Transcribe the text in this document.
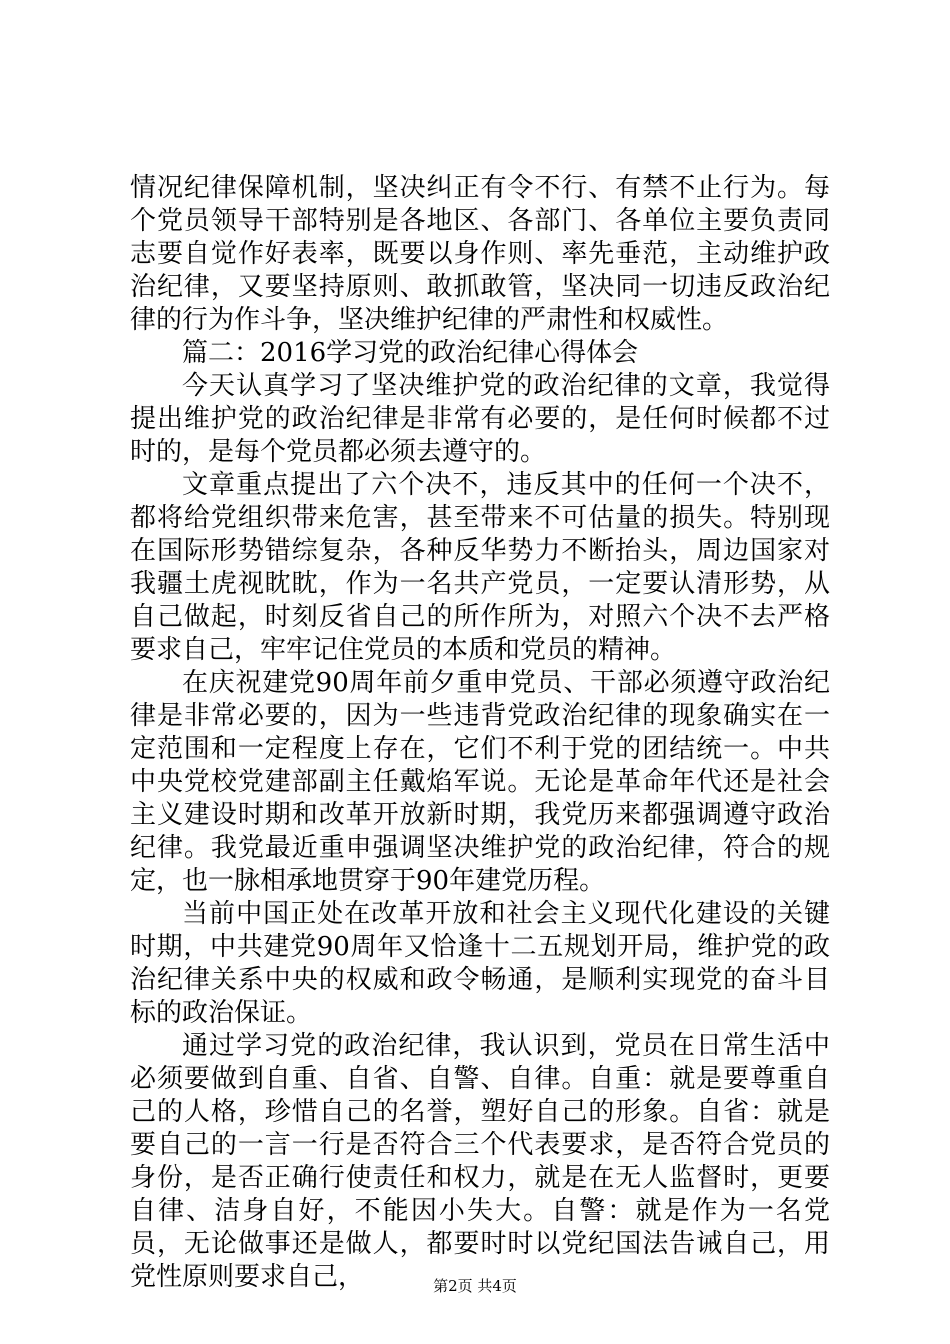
情况纪律保障机制，坚决纠正有令不行、有禁不止行为。每个党员领导干部特别是各地区、各部门、各单位主要负责同志要自觉作好表率，既要以身作则、率先垂范，主动维护政治纪律，又要坚持原则、敢抓敢管，坚决同一切违反政治纪律的行为作斗争，坚决维护纪律的严肃性和权威性。

篇二：2016学习党的政治纪律心得体会

今天认真学习了坚决维护党的政治纪律的文章，我觉得提出维护党的政治纪律是非常有必要的，是任何时候都不过时的，是每个党员都必须去遵守的。

文章重点提出了六个决不，违反其中的任何一个决不，都将给党组织带来危害，甚至带来不可估量的损失。特别现在国际形势错综复杂，各种反华势力不断抬头，周边国家对我疆土虎视眈眈，作为一名共产党员，一定要认清形势，从自己做起，时刻反省自己的所作所为，对照六个决不去严格要求自己，牢牢记住党员的本质和党员的精神。

在庆祝建党90周年前夕重申党员、干部必须遵守政治纪律是非常必要的，因为一些违背党政治纪律的现象确实在一定范围和一定程度上存在，它们不利于党的团结统一。中共中央党校党建部副主任戴焰军说。无论是革命年代还是社会主义建设时期和改革开放新时期，我党历来都强调遵守政治纪律。我党最近重申强调坚决维护党的政治纪律，符合的规定，也一脉相承地贯穿于90年建党历程。

当前中国正处在改革开放和社会主义现代化建设的关键时期，中共建党90周年又恰逢十二五规划开局，维护党的政治纪律关系中央的权威和政令畅通，是顺利实现党的奋斗目标的政治保证。

通过学习党的政治纪律，我认识到，党员在日常生活中必须要做到自重、自省、自警、自律。自重：就是要尊重自己的人格，珍惜自己的名誉，塑好自己的形象。自省：就是要自己的一言一行是否符合三个代表要求，是否符合党员的身份，是否正确行使责任和权力，就是在无人监督时，更要自律、洁身自好，不能因小失大。自警：就是作为一名党员，无论做事还是做人，都要时时以党纪国法告诫自己，用党性原则要求自己，	第2页 共4页
